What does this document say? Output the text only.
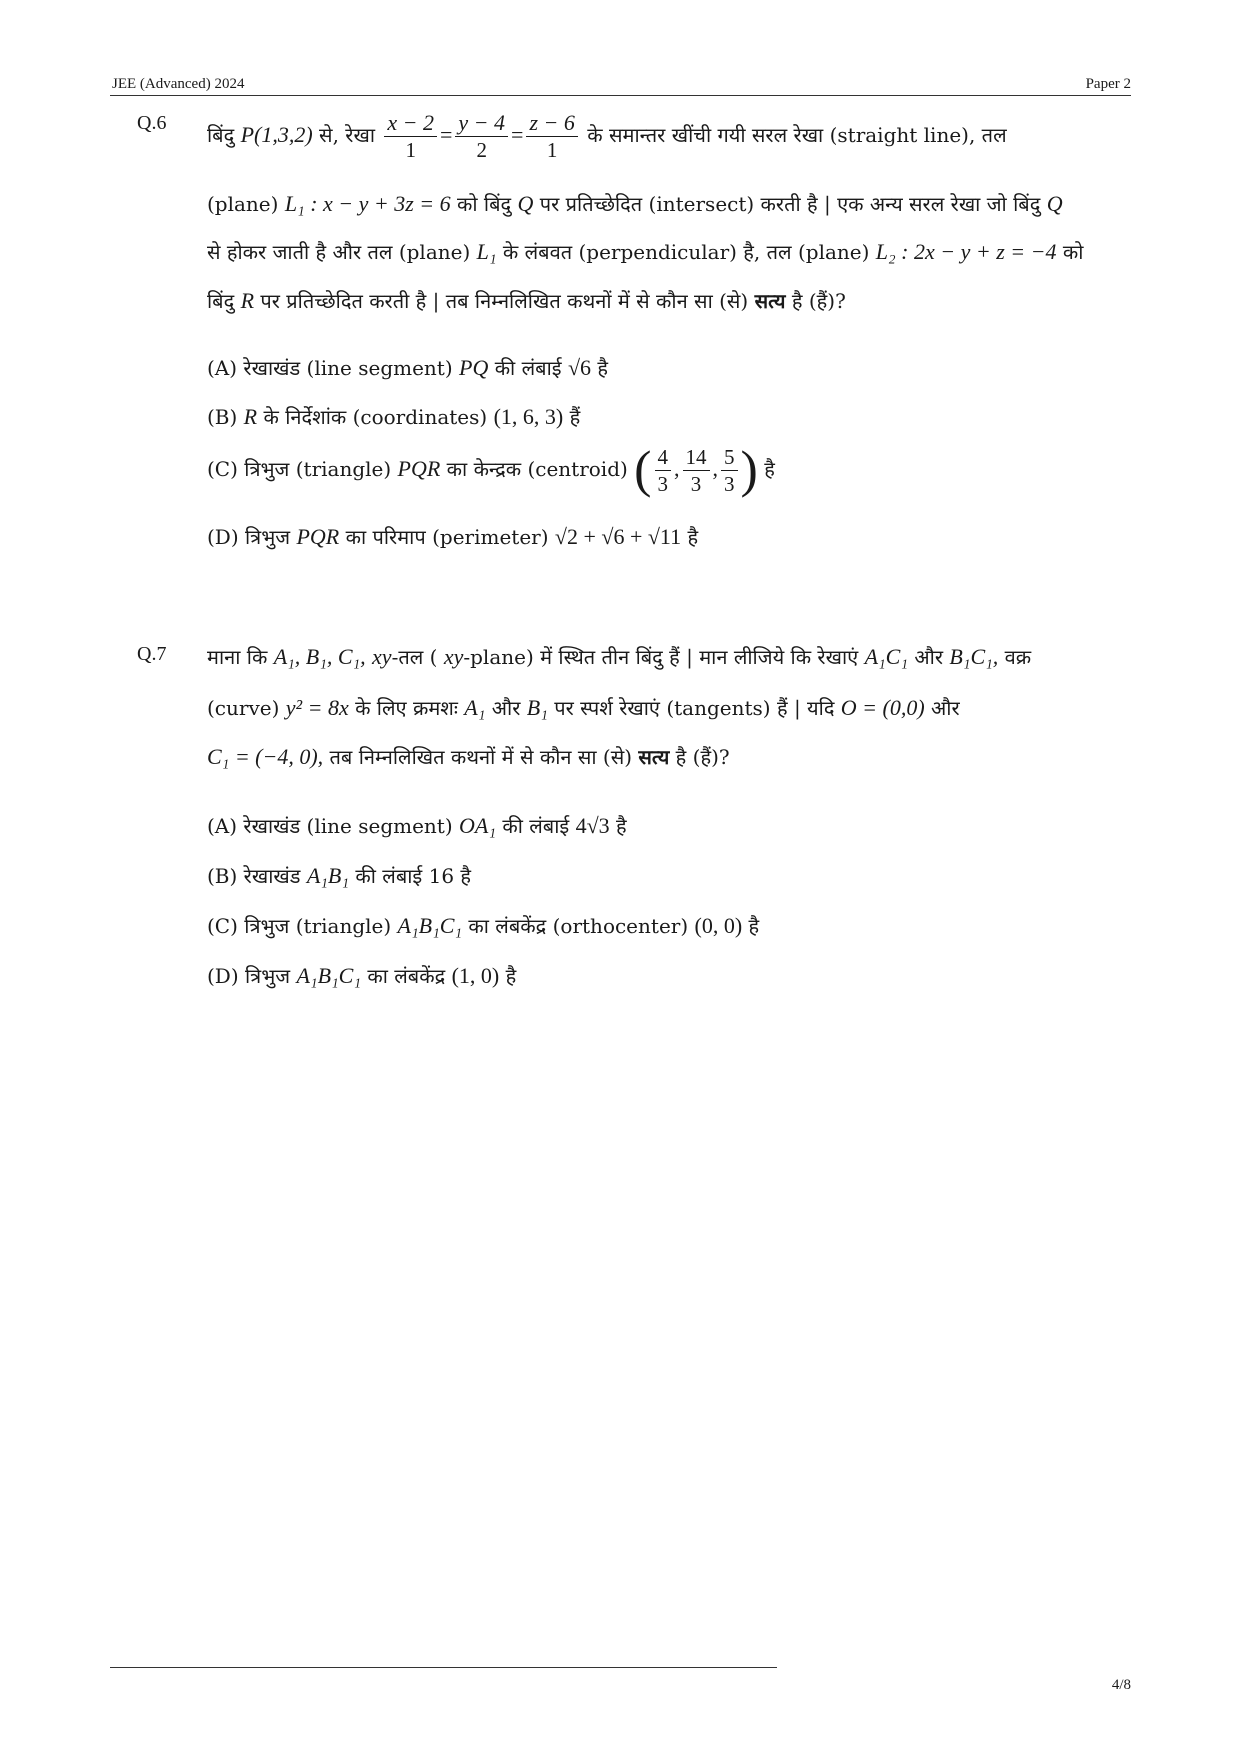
JEE (Advanced) 2024	Paper 2
Q.6 बिंदु P(1,3,2) से, रेखा $\frac{x - 2}{1} = \frac{y - 4}{2} = \frac{z - 6}{1}$ के समान्तर खींची गयी सरल रेखा (straight line), तल
(plane) L₁ : x − y + 3z = 6 को बिंदु Q पर प्रतिच्छेदित (intersect) करती है | एक अन्य सरल रेखा जो बिंदु Q
से होकर जाती है और तल (plane) L₁ के लंबवत (perpendicular) है, तल (plane) L₂ : 2x − y + z = −4 को
बिंदु R पर प्रतिच्छेदित करती है | तब निम्नलिखित कथनों में से कौन सा (से) सत्य है (हैं)?
(A) रेखाखंड (line segment) PQ की लंबाई √6 है
(B) R के निर्देशांक (coordinates) (1, 6, 3) हैं
(C) त्रिभुज (triangle) PQR का केन्द्रक (centroid) ( $\frac{4}{3}$ , $\frac{14}{3}$ , $\frac{5}{3}$ ) है
(D) त्रिभुज PQR का परिमाप (perimeter) √2 + √6 + √11 है
Q.7 माना कि A₁, B₁, C₁, xy-तल ( xy-plane) में स्थित तीन बिंदु हैं | मान लीजिये कि रेखाएं A₁C₁ और B₁C₁, वक्र
(curve) y² = 8x के लिए क्रमशः A₁ और B₁ पर स्पर्श रेखाएं (tangents) हैं | यदि O = (0,0) और
C₁ = (−4, 0), तब निम्नलिखित कथनों में से कौन सा (से) सत्य है (हैं)?
(A) रेखाखंड (line segment) OA₁ की लंबाई 4√3 है
(B) रेखाखंड A₁B₁ की लंबाई 16 है
(C) त्रिभुज (triangle) A₁B₁C₁ का लंबकेंद्र (orthocenter) (0, 0) है
(D) त्रिभुज A₁B₁C₁ का लंबकेंद्र (1, 0) है
4/8
